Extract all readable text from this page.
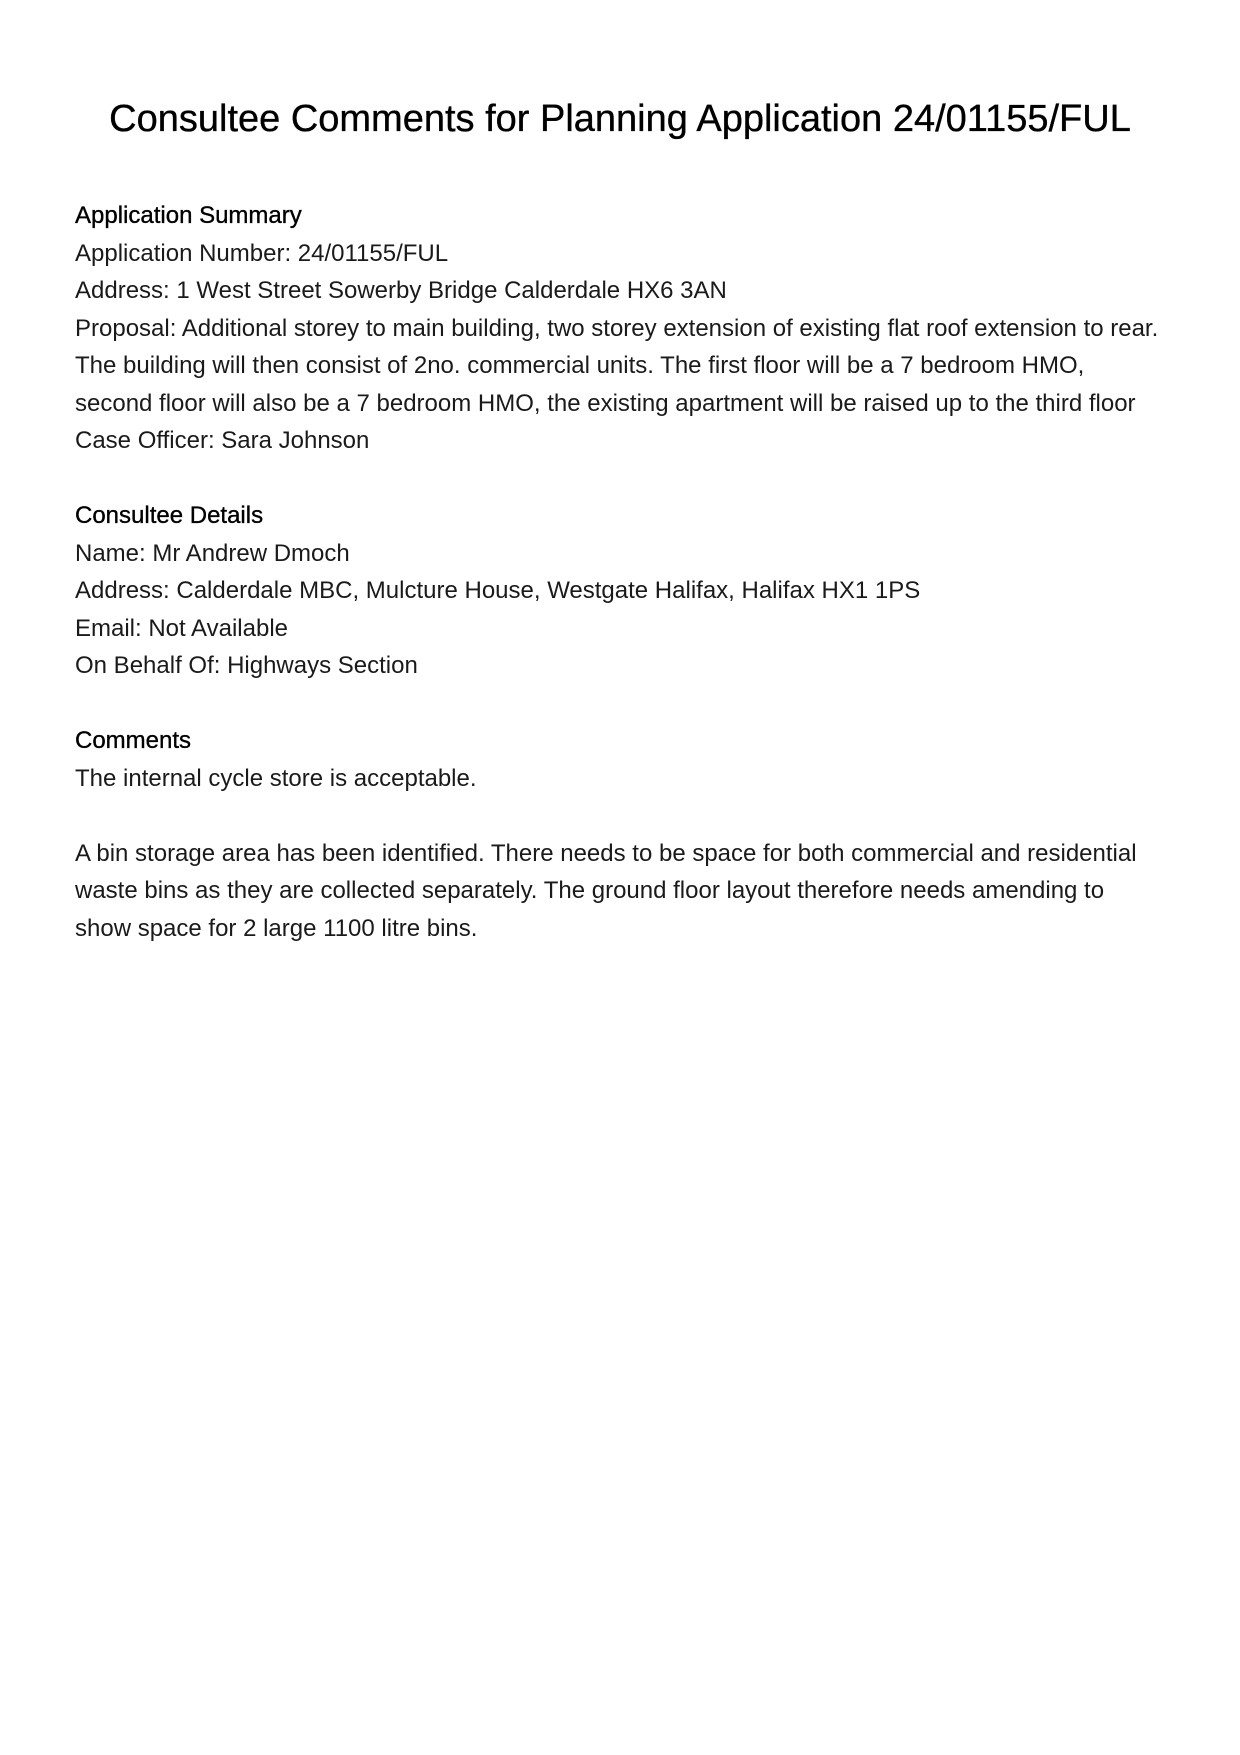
Consultee Comments for Planning Application 24/01155/FUL

Application Summary

Application Number: 24/01155/FUL

Address: 1 West Street Sowerby Bridge Calderdale HX6 3AN

Proposal: Additional storey to main building, two storey extension of existing flat roof extension to rear. The building will then consist of 2no. commercial units. The first floor will be a 7 bedroom HMO, second floor will also be a 7 bedroom HMO, the existing apartment will be raised up to the third floor

Case Officer: Sara Johnson

Consultee Details

Name: Mr Andrew Dmoch

Address: Calderdale MBC, Mulcture House, Westgate Halifax, Halifax HX1 1PS

Email: Not Available

On Behalf Of: Highways Section

Comments

The internal cycle store is acceptable.

A bin storage area has been identified. There needs to be space for both commercial and residential waste bins as they are collected separately. The ground floor layout therefore needs amending to show space for 2 large 1100 litre bins.
